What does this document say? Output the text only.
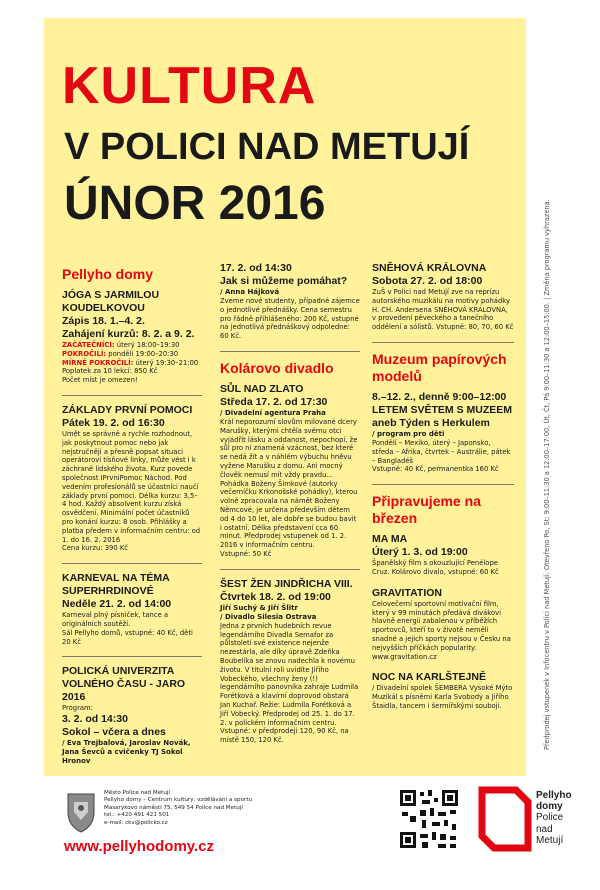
KULTURA
V POLICI NAD METUJÍ
ÚNOR 2016
Pellyho domy
JÓGA S JARMILOU KOUDELKOVOU
Zápis 18. 1.–4. 2.
Zahájení kurzů: 8. 2. a 9. 2.
ZAČÁTEČNÍCI: úterý 18:00–19:30
POKROČILÍ: pondělí 19:00–20:30
MÍRNĚ POKROČILÍ: úterý 19:30–21:00
Poplatek za 10 lekcí: 850 Kč
Počet míst je omezen!
ZÁKLADY PRVNÍ POMOCI
Pátek 19. 2. od 16:30
Umět se správně a rychle rozhodnout, jak poskytnout pomoc nebo jak nejstručněji a přesně popsat situaci operátorovi tísňové linky, může vést i k záchraně lidského života. Kurz povede společnost IPrvniPomoc Náchod. Pod vedením profesionálů se účastníci naučí základy první pomoci. Délka kurzu: 3,5–4 hod. Každý absolvent kurzu získá osvědčení. Minimální počet účastníků pro konání kurzu: 8 osob. Přihlášky a platba předem v informačním centru: od 1. do 16. 2. 2016
Cena kurzu: 390 Kč
KARNEVAL NA TÉMA SUPERHRDINOVÉ
Neděle 21. 2. od 14:00
Karneval plný písniček, tance a originálních soutěží.
Sál Pellyho domů, vstupné: 40 Kč, děti 20 Kč
POLICKÁ UNIVERZITA VOLNÉHO ČASU - JARO 2016
Program:
3. 2. od 14:30
Sokol – včera a dnes
/ Eva Trejbalová, Jaroslav Novák, Jana Ševců a cvičenky TJ Sokol Hronov
17. 2. od 14:30
Jak si můžeme pomáhat?
/ Anna Hájková
Zveme nové studenty, případné zájemce o jednotlivé přednášky. Cena semestru pro řádně přihlášeného: 200 Kč, vstupné na jednotlivá přednáškový odpoledne: 60 Kč.
Kolárovo divadlo
SŮL NAD ZLATO
Středa 17. 2. od 17:30
/ Divadelní agentura Praha
Král neporozumí slovům milované dcery Marušky, kterými chtěla svému otci vyjádřit lásku a oddanost, nepochopí, že sůl pro ni znamená vzácnost, bez které se nedá žít a v náhlém výbuchu hněvu vyžene Marušku z domu. Ani mocný člověk nemusí mít vždy pravdu... Pohádka Boženy Šimkové (autorky večerníčku Krkonošské pohádky), kterou volně zpracovala na námět Boženy Němcové, je určena především dětem od 4 do 10 let, ale dobře se budou bavit i ostatní. Délka představení cca 60 minut. Předprodej vstupenek od 1. 2. 2016 v informačním centru.
Vstupné: 50 Kč
ŠEST ŽEN JINDŘICHA VIII.
Čtvrtek 18. 2. od 19:00
Jiří Suchý & Jiří Šlitr
/ Divadlo Silesia Ostrava
Jedna z prvních hudebních revue legendárního Divadla Semafor za půlstoletí své existence nejenže nezestárla, ale díky úpravě Zdeňka Boubelíka se znovu nadechla k novému životu. V titulní roli uvidíte Jiřího Vobeckého, všechny ženy (!) legendárního panovníka zahraje Ludmila Forétková a klavírní doprovod obstará Jan Kuchař. Režie: Ludmila Forétková a Jiří Vobecký. Předprodej od 25. 1. do 17. 2. v polickém informačním centru.
Vstupné: v předprodeji 120, 90 Kč, na místě 150, 120 Kč.
SNĚHOVÁ KRÁLOVNA
Sobota 27. 2. od 18:00
ZuŠ v Polici nad Metují zve na reprízu autorského muzikálu na motivy pohádky H. CH. Andersena SNĚHOVÁ KRÁLOVNA, v provedení pěveckého a tanečního oddělení a sólistů. Vstupné: 80, 70, 60 Kč
Muzeum papírových modelů
8.–12. 2., denně 9:00–12:00
LETEM SVĚTEM S MUZEEM
aneb Týden s Herkulem
/ program pro děti
Pondělí – Mexiko, úterý – Japonsko, středa – Afrika, čtvrtek – Austrálie, pátek – Bangladéš
Vstupné: 40 Kč, permanentka 160 Kč
Připravujeme na březen
MA MA
Úterý 1. 3. od 19:00
Španělský film s okouzlující Penélope Cruz. Kolárovo divalo, vstupné: 60 Kč
GRAVITATION
Celovečerní sportovní motivační film, který v 99 minutách předává divákovi hlavně energii zabalenou v příběžích sportovců, kteří to v životě neměli snadné a jejich sporty nejsou v Česku na nejvyšších příčkách popularity.
www.gravitation.cz
NOC NA KARLŠTEJNĚ
/ Divadelní spolek ŠEMBERA Vysoké Mýto Muzikál s písněmi Karla Svobody a Jiřího Štaidla, tancem i šermířskými souboji.	Předprodej vstupenek v Infocentru v Polici nad Metují. Otevřeno Po, St: 9:00–11:30 a 12:00–17:00, Út, Čt, Pá 9:00–11:30 a 12:00–15:00. | Změna programu vyhrazena.
Město Police nad Metují
Pellyho domy – Centrum kultury, vzdělávání a sportu
Masarykovo náměstí 75, 549 54 Police nad Metují
tel.: +420 491 421 501
e-mail: ckv@policko.cz
www.pellyhodomy.cz
Pellyho
domy
Police
nad
Metují
